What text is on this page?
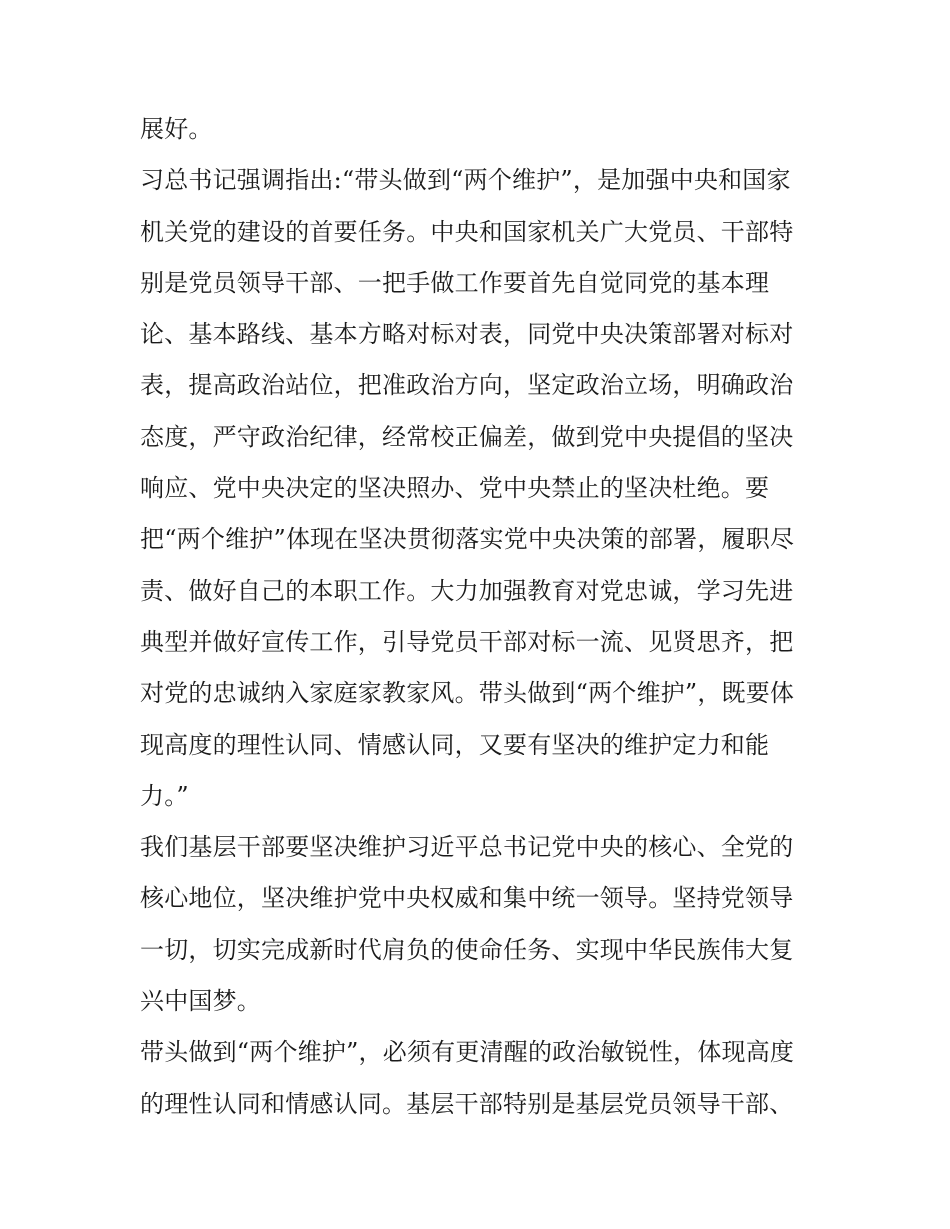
展好。
习总书记强调指出:“带头做到“两个维护”，是加强中央和国家
机关党的建设的首要任务。中央和国家机关广大党员、干部特
别是党员领导干部、一把手做工作要首先自觉同党的基本理
论、基本路线、基本方略对标对表，同党中央决策部署对标对
表，提高政治站位，把准政治方向，坚定政治立场，明确政治
态度，严守政治纪律，经常校正偏差，做到党中央提倡的坚决
响应、党中央决定的坚决照办、党中央禁止的坚决杜绝。要
把“两个维护”体现在坚决贯彻落实党中央决策的部署，履职尽
责、做好自己的本职工作。大力加强教育对党忠诚，学习先进
典型并做好宣传工作，引导党员干部对标一流、见贤思齐，把
对党的忠诚纳入家庭家教家风。带头做到“两个维护”，既要体
现高度的理性认同、情感认同，又要有坚决的维护定力和能
力。”
我们基层干部要坚决维护习近平总书记党中央的核心、全党的
核心地位，坚决维护党中央权威和集中统一领导。坚持党领导
一切，切实完成新时代肩负的使命任务、实现中华民族伟大复
兴中国梦。
带头做到“两个维护”，必须有更清醒的政治敏锐性，体现高度
的理性认同和情感认同。基层干部特别是基层党员领导干部、
